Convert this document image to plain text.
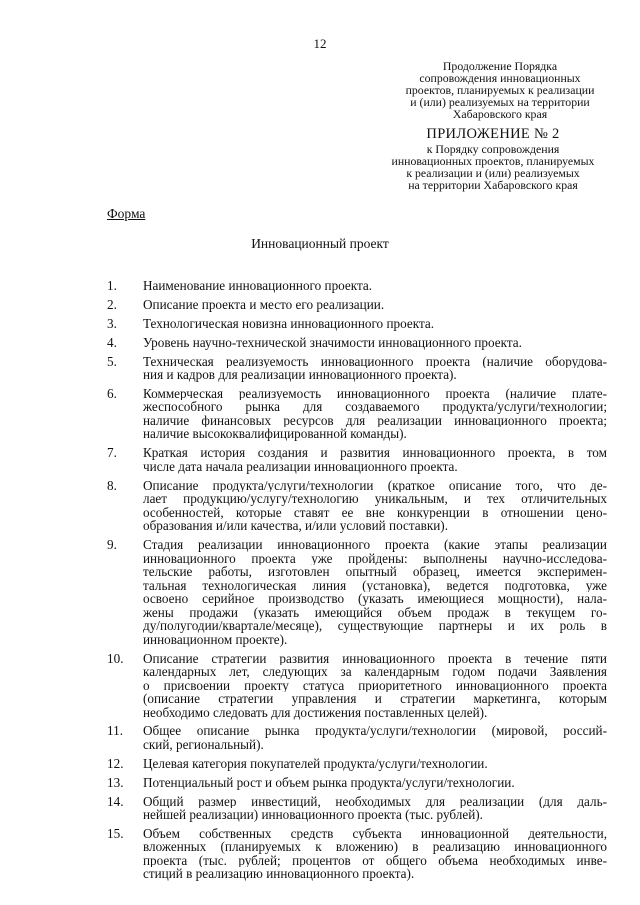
12
Продолжение Порядка
сопровождения инновационных
проектов, планируемых к реализации
и (или) реализуемых на территории
Хабаровского края
ПРИЛОЖЕНИЕ № 2
к Порядку сопровождения
инновационных проектов, планируемых
к реализации и (или) реализуемых
на территории Хабаровского края
Форма
Инновационный проект
1.	Наименование инновационного проекта.
2.	Описание проекта и место его реализации.
3.	Технологическая новизна инновационного проекта.
4.	Уровень научно-технической значимости инновационного проекта.
5.	Техническая реализуемость инновационного проекта (наличие оборудова-
ния и кадров для реализации инновационного проекта).
6.	Коммерческая реализуемость инновационного проекта (наличие плате-
жеспособного рынка для создаваемого продукта/услуги/технологии;
наличие финансовых ресурсов для реализации инновационного проекта;
наличие высококвалифицированной команды).
7.	Краткая история создания и развития инновационного проекта, в том
числе дата начала реализации инновационного проекта.
8.	Описание продукта/услуги/технологии (краткое описание того, что де-
лает продукцию/услугу/технологию уникальным, и тех отличительных
особенностей, которые ставят ее вне конкуренции в отношении цено-
образования и/или качества, и/или условий поставки).
9.	Стадия реализации инновационного проекта (какие этапы реализации
инновационного проекта уже пройдены: выполнены научно-исследова-
тельские работы, изготовлен опытный образец, имеется эксперимен-
тальная технологическая линия (установка), ведется подготовка, уже
освоено серийное производство (указать имеющиеся мощности), нала-
жены продажи (указать имеющийся объем продаж в текущем го-
ду/полугодии/квартале/месяце), существующие партнеры и их роль в
инновационном проекте).
10.	Описание стратегии развития инновационного проекта в течение пяти
календарных лет, следующих за календарным годом подачи Заявления
о присвоении проекту статуса приоритетного инновационного проекта
(описание стратегии управления и стратегии маркетинга, которым
необходимо следовать для достижения поставленных целей).
11.	Общее описание рынка продукта/услуги/технологии (мировой, россий-
ский, региональный).
12.	Целевая категория покупателей продукта/услуги/технологии.
13.	Потенциальный рост и объем рынка продукта/услуги/технологии.
14.	Общий размер инвестиций, необходимых для реализации (для даль-
нейшей реализации) инновационного проекта (тыс. рублей).
15.	Объем собственных средств субъекта инновационной деятельности,
вложенных (планируемых к вложению) в реализацию инновационного
проекта (тыс. рублей; процентов от общего объема необходимых инве-
стиций в реализацию инновационного проекта).
